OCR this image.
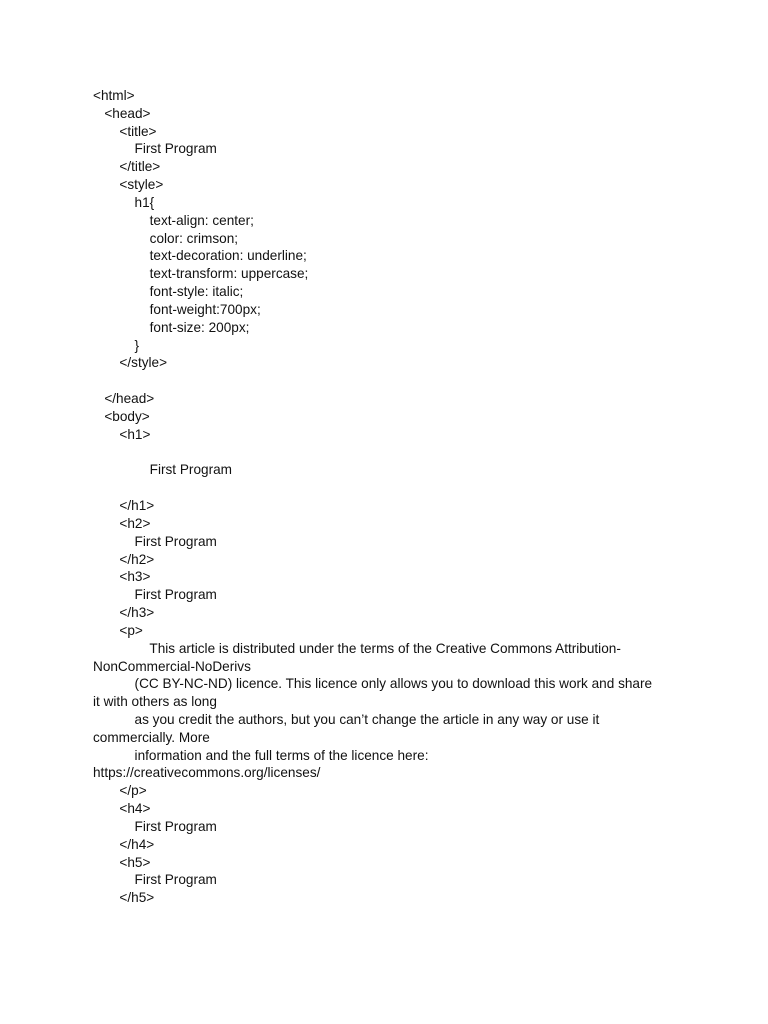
<html>
<head>
<title>
First Program
</title>
<style>
h1{
text-align: center;
color: crimson;
text-decoration: underline;
text-transform: uppercase;
font-style: italic;
font-weight:700px;
font-size: 200px;
}
</style>
</head>
<body>
<h1>
First Program
</h1>
<h2>
First Program
</h2>
<h3>
First Program
</h3>
<p>
This article is distributed under the terms of the Creative Commons Attribution-
NonCommercial-NoDerivs
(CC BY-NC-ND) licence. This licence only allows you to download this work and share
it with others as long
as you credit the authors, but you can’t change the article in any way or use it
commercially. More
information and the full terms of the licence here:
https://creativecommons.org/licenses/
</p>
<h4>
First Program
</h4>
<h5>
First Program
</h5>
